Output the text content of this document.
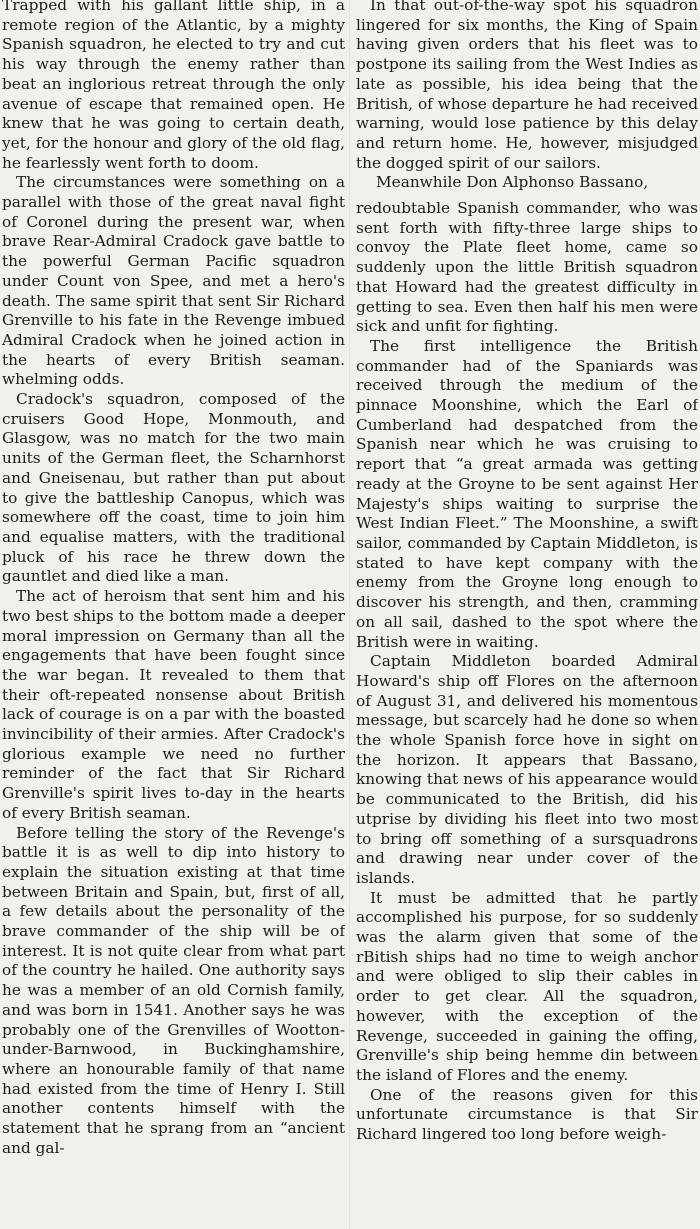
Trapped with his gallant little ship, in a remote region of the Atlantic, by a mighty Spanish squadron, he elected to try and cut his way through the enemy rather than beat an inglorious retreat through the only avenue of escape that remained open. He knew that he was going to certain death, yet, for the honour and glory of the old flag, he fearlessly went forth to doom.

The circumstances were something on a parallel with those of the great naval fight of Coronel during the present war, when brave Rear-Admiral Cradock gave battle to the powerful German Pacific squadron under Count von Spee, and met a hero's death. The same spirit that sent Sir Richard Grenville to his fate in the Revenge imbued Admiral Cradock when he joined action in the hearts of every British seaman. whelming odds.

Cradock's squadron, composed of the cruisers Good Hope, Monmouth, and Glasgow, was no match for the two main units of the German fleet, the Scharnhorst and Gneisenau, but rather than put about to give the battleship Canopus, which was somewhere off the coast, time to join him and equalise matters, with the traditional pluck of his race he threw down the gauntlet and died like a man.

The act of heroism that sent him and his two best ships to the bottom made a deeper moral impression on Germany than all the engagements that have been fought since the war began. It revealed to them that their oft-repeated nonsense about British lack of courage is on a par with the boasted invincibility of their armies. After Cradock's glorious example we need no further reminder of the fact that Sir Richard Grenville's spirit lives to-day in the hearts of every British seaman.

Before telling the story of the Revenge's battle it is as well to dip into history to explain the situation existing at that time between Britain and Spain, but, first of all, a few details about the personality of the brave commander of the ship will be of interest. It is not quite clear from what part of the country he hailed. One authority says he was a member of an old Cornish family, and was born in 1541. Another says he was probably one of the Grenvilles of Wootton-under-Barnwood, in Buckinghamshire, where an honourable family of that name had existed from the time of Henry I. Still another contents himself with the statement that he sprang from an “ancient and gal-

In that out-of-the-way spot his squadron lingered for six months, the King of Spain having given orders that his fleet was to postpone its sailing from the West Indies as late as possible, his idea being that the British, of whose departure he had received warning, would lose patience by this delay and return home. He, however, misjudged the dogged spirit of our sailors.

Meanwhile Don Alphonso Bassano,

redoubtable Spanish commander, who was sent forth with fifty-three large ships to convoy the Plate fleet home, came so suddenly upon the little British squadron that Howard had the greatest difficulty in getting to sea. Even then half his men were sick and unfit for fighting.

The first intelligence the British commander had of the Spaniards was received through the medium of the pinnace Moonshine, which the Earl of Cumberland had despatched from the Spanish near which he was cruising to report that “a great armada was getting ready at the Groyne to be sent against Her Majesty's ships waiting to surprise the West Indian Fleet.” The Moonshine, a swift sailor, commanded by Captain Middleton, is stated to have kept company with the enemy from the Groyne long enough to discover his strength, and then, cramming on all sail, dashed to the spot where the British were in waiting.

Captain Middleton boarded Admiral Howard's ship off Flores on the afternoon of August 31, and delivered his momentous message, but scarcely had he done so when the whole Spanish force hove in sight on the horizon. It appears that Bassano, knowing that news of his appearance would be communicated to the British, did his utprise by dividing his fleet into two most to bring off something of a sursquadrons and drawing near under cover of the islands.

It must be admitted that he partly accomplished his purpose, for so suddenly was the alarm given that some of the rBitish ships had no time to weigh anchor and were obliged to slip their cables in order to get clear. All the squadron, however, with the exception of the Revenge, succeeded in gaining the offing, Grenville's ship being hemme din between the island of Flores and the enemy.

One of the reasons given for this unfortunate circumstance is that Sir Richard lingered too long before weigh-
